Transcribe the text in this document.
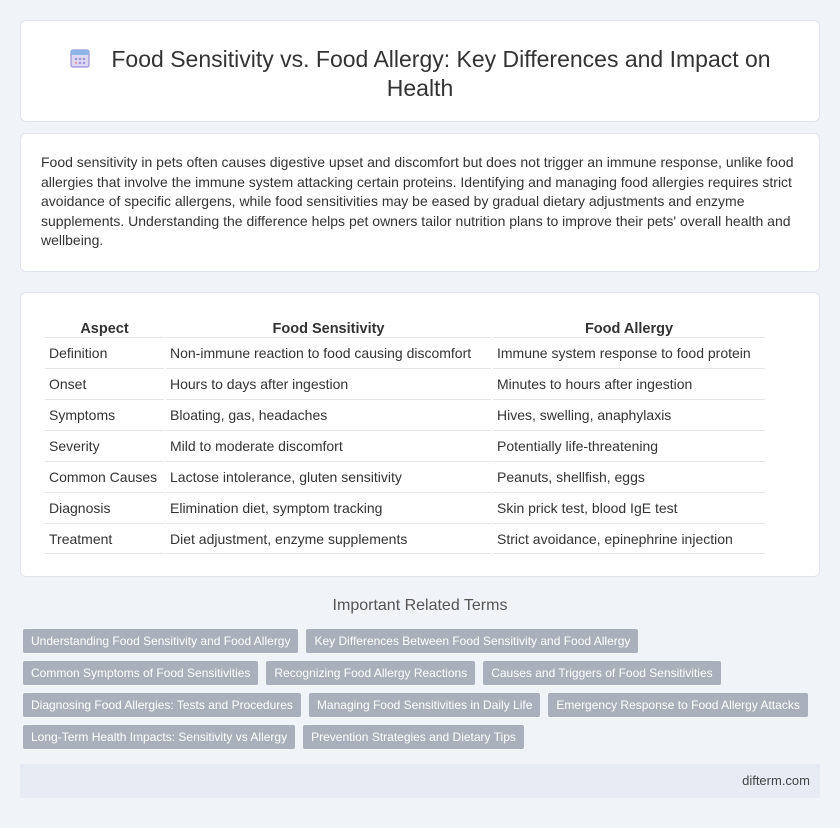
Food Sensitivity vs. Food Allergy: Key Differences and Impact on Health

Food sensitivity in pets often causes digestive upset and discomfort but does not trigger an immune response, unlike food allergies that involve the immune system attacking certain proteins. Identifying and managing food allergies requires strict avoidance of specific allergens, while food sensitivities may be eased by gradual dietary adjustments and enzyme supplements. Understanding the difference helps pet owners tailor nutrition plans to improve their pets' overall health and wellbeing.

Aspect	Food Sensitivity	Food Allergy
Definition	Non-immune reaction to food causing discomfort	Immune system response to food protein
Onset	Hours to days after ingestion	Minutes to hours after ingestion
Symptoms	Bloating, gas, headaches	Hives, swelling, anaphylaxis
Severity	Mild to moderate discomfort	Potentially life-threatening
Common Causes	Lactose intolerance, gluten sensitivity	Peanuts, shellfish, eggs
Diagnosis	Elimination diet, symptom tracking	Skin prick test, blood IgE test
Treatment	Diet adjustment, enzyme supplements	Strict avoidance, epinephrine injection
Important Related Terms
Understanding Food Sensitivity and Food Allergy	Key Differences Between Food Sensitivity and Food Allergy
Common Symptoms of Food Sensitivities	Recognizing Food Allergy Reactions	Causes and Triggers of Food Sensitivities
Diagnosing Food Allergies: Tests and Procedures	Managing Food Sensitivities in Daily Life	Emergency Response to Food Allergy Attacks
Long-Term Health Impacts: Sensitivity vs Allergy	Prevention Strategies and Dietary Tips
difterm.com
